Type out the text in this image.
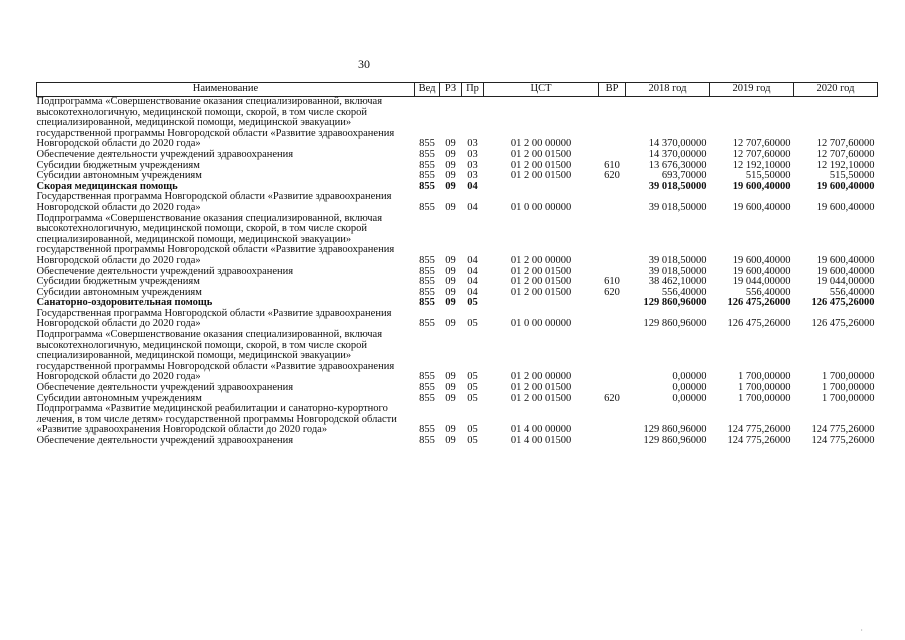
30
Наименование	Вед	РЗ	Пр	ЦСТ	ВР	2018 год	2019 год	2020 год
Подпрограмма «Совершенствование оказания специализированной, включая высокотехнологичную, медицинской помощи, скорой, в том числе скорой специализированной, медицинской помощи, медицинской эвакуации» государственной программы Новгородской области «Развитие здравоохранения Новгородской области до 2020 года»	855	09	03	01 2 00 00000		14 370,00000	12 707,60000	12 707,60000
Обеспечение деятельности учреждений здравоохранения	855	09	03	01 2 00 01500		14 370,00000	12 707,60000	12 707,60000
Субсидии бюджетным учреждениям	855	09	03	01 2 00 01500	610	13 676,30000	12 192,10000	12 192,10000
Субсидии автономным учреждениям	855	09	03	01 2 00 01500	620	693,70000	515,50000	515,50000
Скорая медицинская помощь	855	09	04			39 018,50000	19 600,40000	19 600,40000
Государственная программа Новгородской области «Развитие здравоохранения Новгородской области до 2020 года»	855	09	04	01 0 00 00000		39 018,50000	19 600,40000	19 600,40000
Подпрограмма «Совершенствование оказания специализированной, включая высокотехнологичную, медицинской помощи, скорой, в том числе скорой специализированной, медицинской помощи, медицинской эвакуации» государственной программы Новгородской области «Развитие здравоохранения Новгородской области до 2020 года»	855	09	04	01 2 00 00000		39 018,50000	19 600,40000	19 600,40000
Обеспечение деятельности учреждений здравоохранения	855	09	04	01 2 00 01500		39 018,50000	19 600,40000	19 600,40000
Субсидии бюджетным учреждениям	855	09	04	01 2 00 01500	610	38 462,10000	19 044,00000	19 044,00000
Субсидии автономным учреждениям	855	09	04	01 2 00 01500	620	556,40000	556,40000	556,40000
Санаторно-оздоровительная помощь	855	09	05			129 860,96000	126 475,26000	126 475,26000
Государственная программа Новгородской области «Развитие здравоохранения Новгородской области до 2020 года»	855	09	05	01 0 00 00000		129 860,96000	126 475,26000	126 475,26000
Подпрограмма «Совершенствование оказания специализированной, включая высокотехнологичную, медицинской помощи, скорой, в том числе скорой специализированной, медицинской помощи, медицинской эвакуации» государственной программы Новгородской области «Развитие здравоохранения Новгородской области до 2020 года»	855	09	05	01 2 00 00000		0,00000	1 700,00000	1 700,00000
Обеспечение деятельности учреждений здравоохранения	855	09	05	01 2 00 01500		0,00000	1 700,00000	1 700,00000
Субсидии автономным учреждениям	855	09	05	01 2 00 01500	620	0,00000	1 700,00000	1 700,00000
Подпрограмма «Развитие медицинской реабилитации и санаторно-курортного лечения, в том числе детям» государственной программы Новгородской области «Развитие здравоохранения Новгородской области до 2020 года»	855	09	05	01 4 00 00000		129 860,96000	124 775,26000	124 775,26000
Обеспечение деятельности учреждений здравоохранения	855	09	05	01 4 00 01500		129 860,96000	124 775,26000	124 775,26000
·
